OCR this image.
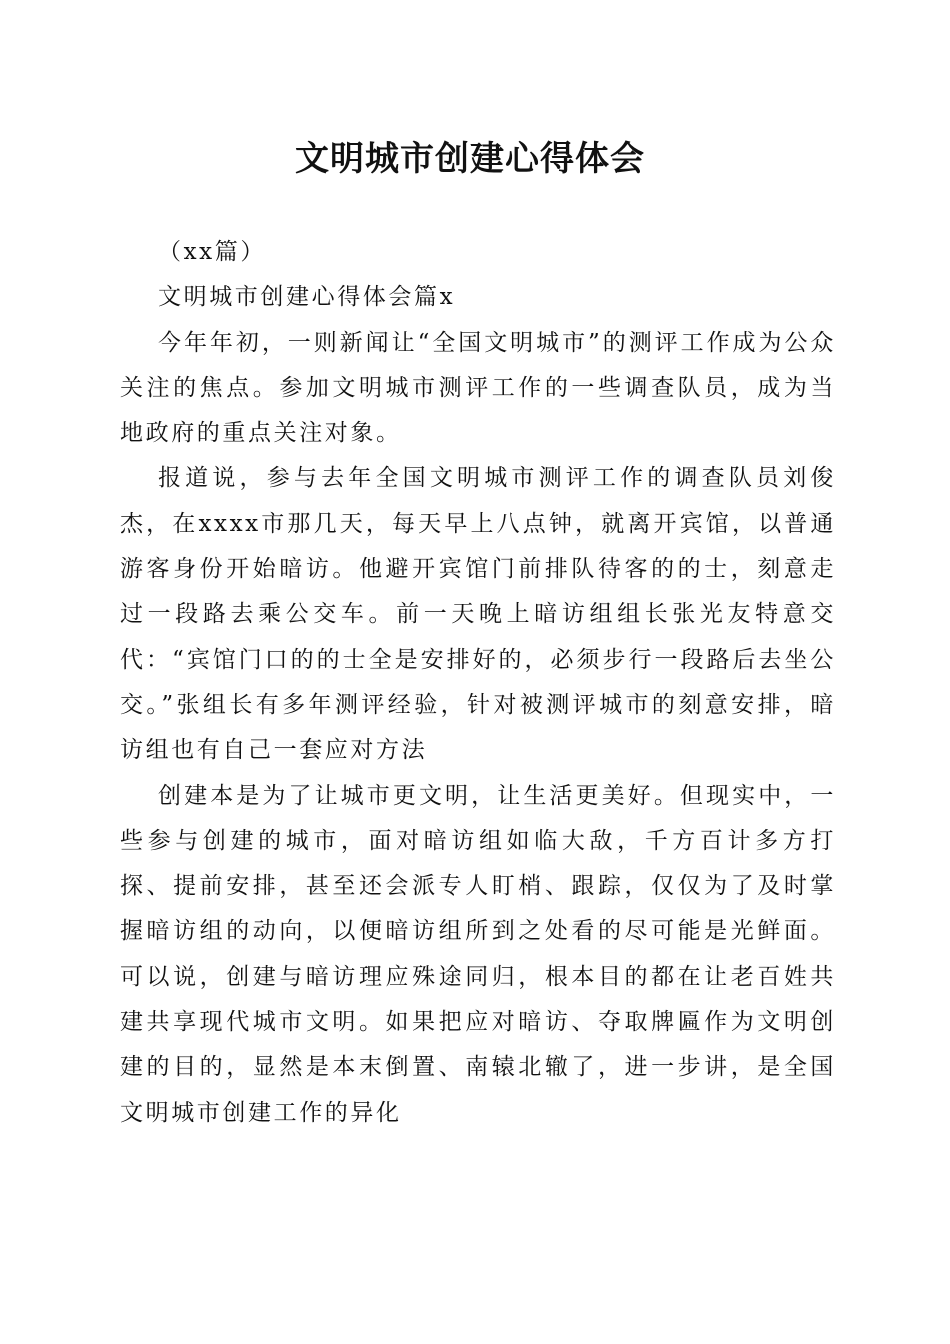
文明城市创建心得体会

（xx篇）

文明城市创建心得体会篇x

今年年初，一则新闻让“全国文明城市”的测评工作成为公众关注的焦点。参加文明城市测评工作的一些调查队员，成为当地政府的重点关注对象。

报道说，参与去年全国文明城市测评工作的调查队员刘俊杰，在xxxx市那几天，每天早上八点钟，就离开宾馆，以普通游客身份开始暗访。他避开宾馆门前排队待客的的士，刻意走过一段路去乘公交车。前一天晚上暗访组组长张光友特意交代：“宾馆门口的的士全是安排好的，必须步行一段路后去坐公交。”张组长有多年测评经验，针对被测评城市的刻意安排，暗访组也有自己一套应对方法

创建本是为了让城市更文明，让生活更美好。但现实中，一些参与创建的城市，面对暗访组如临大敌，千方百计多方打探、提前安排，甚至还会派专人盯梢、跟踪，仅仅为了及时掌握暗访组的动向，以便暗访组所到之处看的尽可能是光鲜面。可以说，创建与暗访理应殊途同归，根本目的都在让老百姓共建共享现代城市文明。如果把应对暗访、夺取牌匾作为文明创建的目的，显然是本末倒置、南辕北辙了，进一步讲，是全国文明城市创建工作的异化
